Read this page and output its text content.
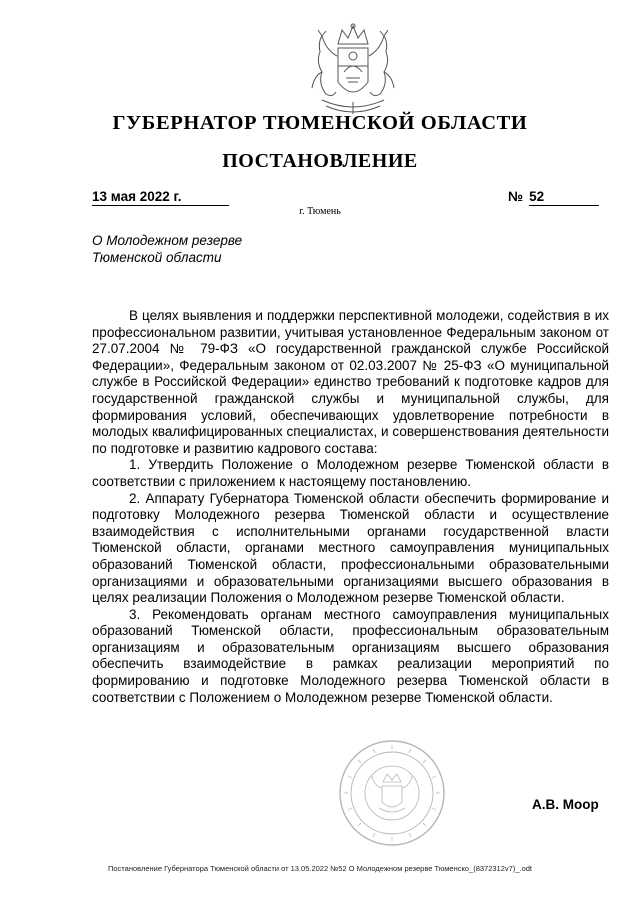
ГУБЕРНАТОР ТЮМЕНСКОЙ ОБЛАСТИ
ПОСТАНОВЛЕНИЕ
13 мая 2022 г.	№ 52
г. Тюмень
О Молодежном резерве
Тюменской области

В целях выявления и поддержки перспективной молодежи, содействия в их профессиональном развитии, учитывая установленное Федеральным законом от 27.07.2004 № 79-ФЗ «О государственной гражданской службе Российской Федерации», Федеральным законом от 02.03.2007 № 25-ФЗ «О муниципальной службе в Российской Федерации» единство требований к подготовке кадров для государственной гражданской службы и муниципальной службы, для формирования условий, обеспечивающих удовлетворение потребности в молодых квалифицированных специалистах, и совершенствования деятельности по подготовке и развитию кадрового состава:

1. Утвердить Положение о Молодежном резерве Тюменской области в соответствии с приложением к настоящему постановлению.

2. Аппарату Губернатора Тюменской области обеспечить формирование и подготовку Молодежного резерва Тюменской области и осуществление взаимодействия с исполнительными органами государственной власти Тюменской области, органами местного самоуправления муниципальных образований Тюменской области, профессиональными образовательными организациями и образовательными организациями высшего образования в целях реализации Положения о Молодежном резерве Тюменской области.

3. Рекомендовать органам местного самоуправления муниципальных образований Тюменской области, профессиональным образовательным организациям и образовательным организациям высшего образования обеспечить взаимодействие в рамках реализации мероприятий по формированию и подготовке Молодежного резерва Тюменской области в соответствии с Положением о Молодежном резерве Тюменской области.

А.В. Моор
Постановление Губернатора Тюменской области от 13.05.2022 №52 О Молодежном резерве Тюменско_(8372312v7)_.odt
